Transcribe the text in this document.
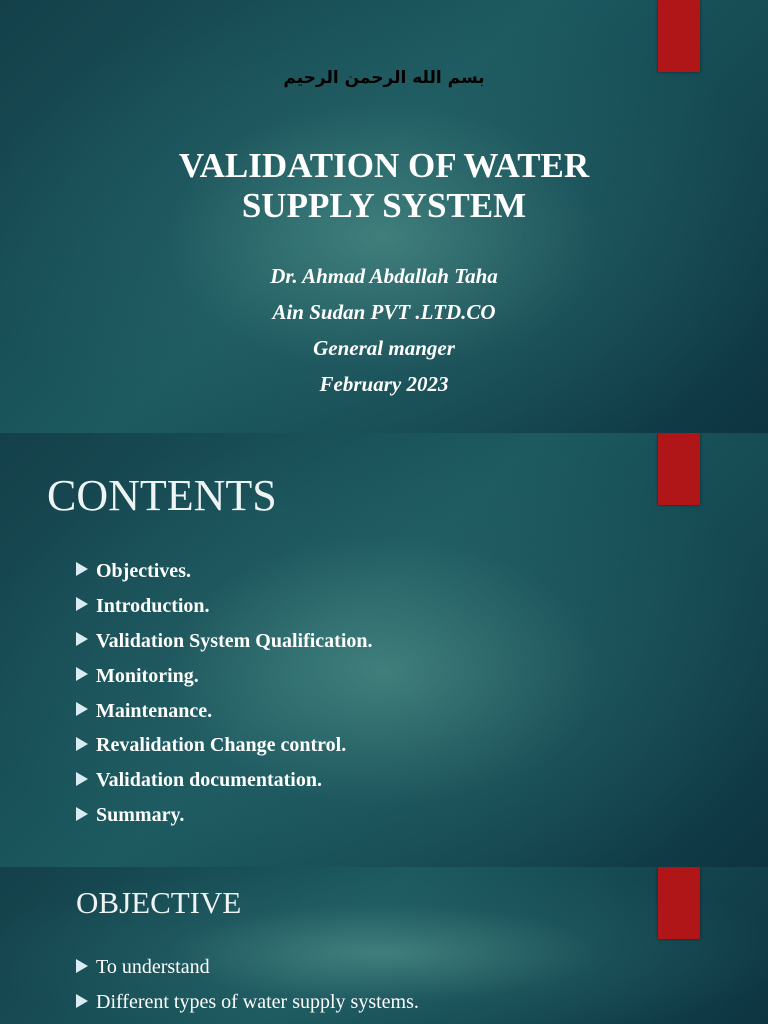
بسم الله الرحمن الرحيم
VALIDATION OF WATER
SUPPLY SYSTEM
Dr. Ahmad Abdallah Taha
Ain Sudan PVT .LTD.CO
General manger
February 2023
CONTENTS
Objectives.
Introduction.
Validation System Qualification.
Monitoring.
Maintenance.
Revalidation Change control.
Validation documentation.
Summary.
OBJECTIVE
To understand
Different types of water supply systems.
